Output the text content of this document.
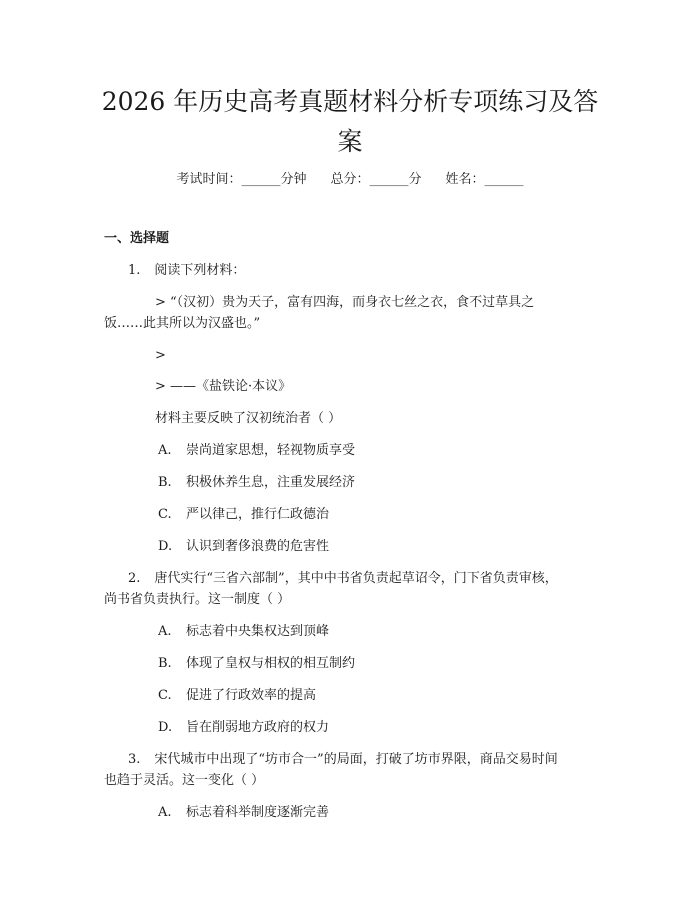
2026 年历史高考真题材料分析专项练习及答
案
考试时间：______分钟 总分：______分 姓名：______
一、选择题
1. 阅读下列材料：
> “（汉初）贵为天子，富有四海，而身衣七丝之衣，食不过草具之
饭……此其所以为汉盛也。”
>
> ——《盐铁论·本议》
材料主要反映了汉初统治者（ ）
A. 崇尚道家思想，轻视物质享受
B. 积极休养生息，注重发展经济
C. 严以律己，推行仁政德治
D. 认识到奢侈浪费的危害性
2. 唐代实行“三省六部制”，其中中书省负责起草诏令，门下省负责审核，
尚书省负责执行。这一制度（ ）
A. 标志着中央集权达到顶峰
B. 体现了皇权与相权的相互制约
C. 促进了行政效率的提高
D. 旨在削弱地方政府的权力
3. 宋代城市中出现了“坊市合一”的局面，打破了坊市界限，商品交易时间
也趋于灵活。这一变化（ ）
A. 标志着科举制度逐渐完善
